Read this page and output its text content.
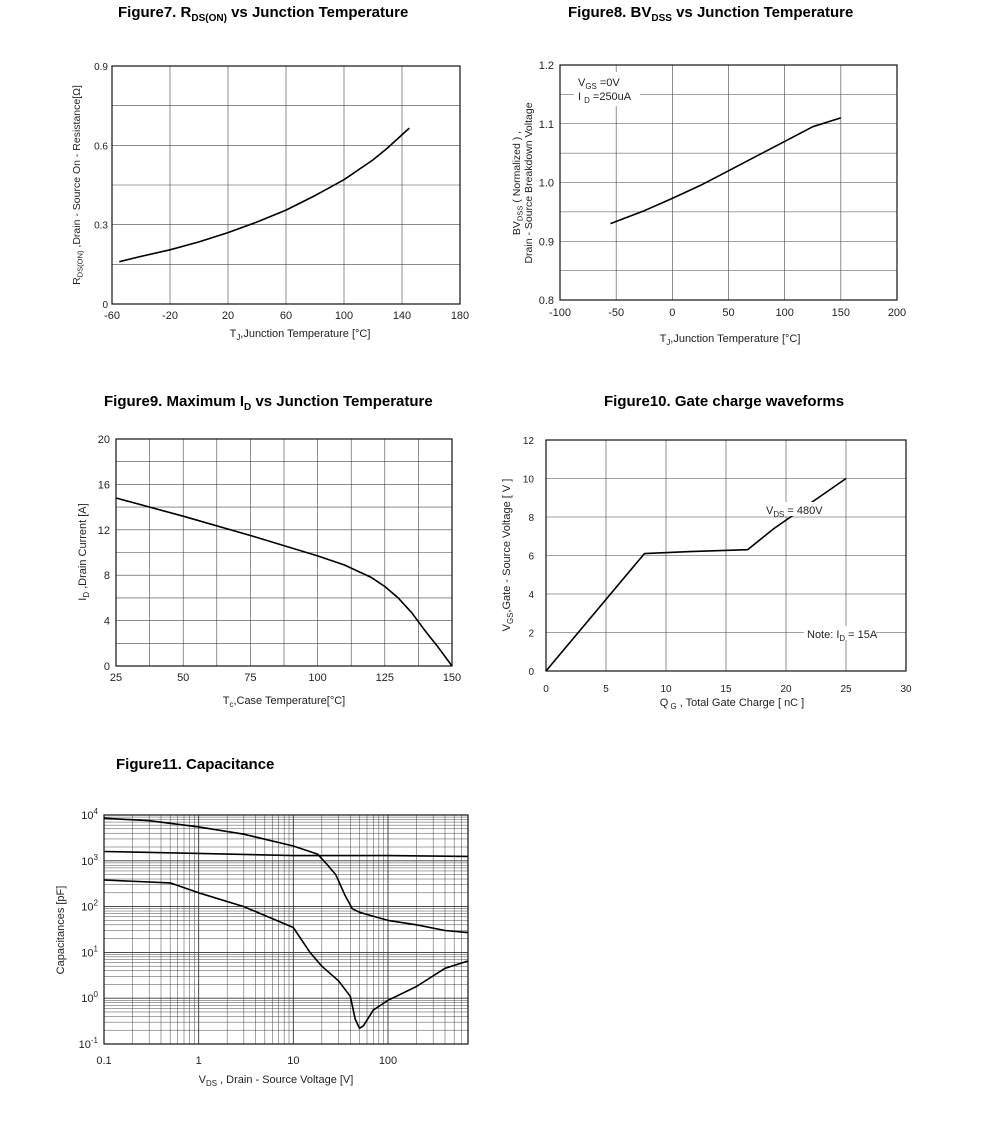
Figure7. $R_{DS(ON)}$ vs Junction Temperature	Figure8. $BV_{DSS}$ vs Junction Temperature
Figure9. Maximum $I_D$ vs Junction Temperature	Figure10. Gate charge waveforms
Figure11. Capacitance
-60	-20	20	60	100	140	180
0
0.3
0.6
0.9
$T_J,Junction$ Temperature [°C]
$R_{DS(ON)}$ ,Drain - Source On - Resistance[Ω]
-100	-50	0	50	100	150	200
0.8
0.9
1.0
1.1
1.2
$T_J,Junction$ Temperature [°C]
$BV_{DSS}$ ( Normalized ) , Drain - Source Breakdown Voltage
$V_{GS} =0V$
I $_D$ =250uA
25	50	75	100	125	150
0
4
8
12
16
20
$T_c,Case$ Temperature[°C]
$I_D$ ,Drain Current [A]
0	5	10	15	20	25	30
0
2
4
6
8
10
12
Q $_G$ , Total Gate Charge [ nC ]
$V_{GS},Gate$ - Source Voltage [ V ]	$V_{DS} = 480V$
Note: $I_D = 15A$
0.1	1	10	100
$10^{-1}$
$10^0$
$10^1$
$10^2$
$10^3$
$10^4$
$V_{DS}$ , Drain - Source Voltage [V]
Capacitances [pF]
